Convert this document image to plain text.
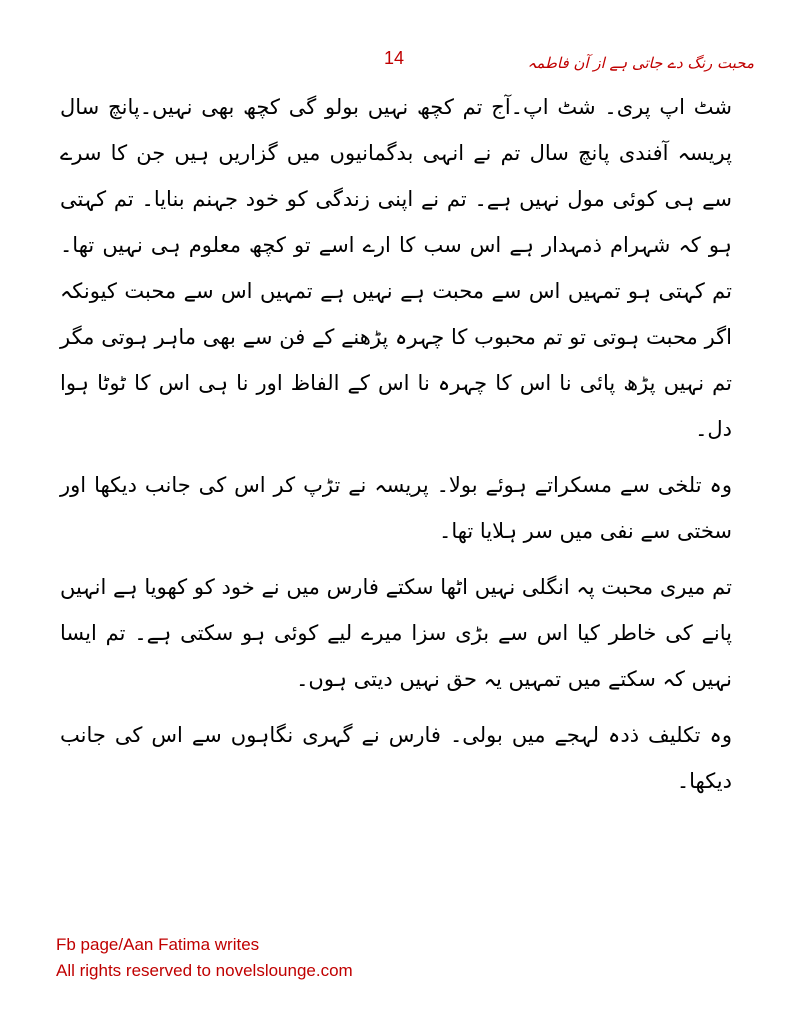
محبت رنگ دے جاتی ہے از آن فاطمہ
14

شٹ اپ پری۔ شٹ اپ۔آج تم کچھ نہیں بولو گی کچھ بھی نہیں۔پانچ سال پریسہ آفندی پانچ سال تم نے انہی بدگمانیوں میں گزاریں ہیں جن کا سرے سے ہی کوئی مول نہیں ہے۔ تم نے اپنی زندگی کو خود جہنم بنایا۔ تم کہتی ہو کہ شہرام ذمہدار ہے اس سب کا ارے اسے تو کچھ معلوم ہی نہیں تھا۔ تم کہتی ہو تمہیں اس سے محبت ہے نہیں ہے تمہیں اس سے محبت کیونکہ اگر محبت ہوتی تو تم محبوب کا چہرہ پڑھنے کے فن سے بھی ماہر ہوتی مگر تم نہیں پڑھ پائی نا اس کا چہرہ نا اس کے الفاظ اور نا ہی اس کا ٹوٹا ہوا دل۔

وہ تلخی سے مسکراتے ہوئے بولا۔ پریسہ نے تڑپ کر اس کی جانب دیکھا اور سختی سے نفی میں سر ہلایا تھا۔

تم میری محبت پہ انگلی نہیں اٹھا سکتے فارس میں نے خود کو کھویا ہے انہیں پانے کی خاطر کیا اس سے بڑی سزا میرے لیے کوئی ہو سکتی ہے۔ تم ایسا نہیں کہ سکتے میں تمہیں یہ حق نہیں دیتی ہوں۔

وہ تکلیف ذدہ لہجے میں بولی۔ فارس نے گہری نگاہوں سے اس کی جانب دیکھا۔

Fb page/Aan Fatima writes
All rights reserved to novelslounge.com
